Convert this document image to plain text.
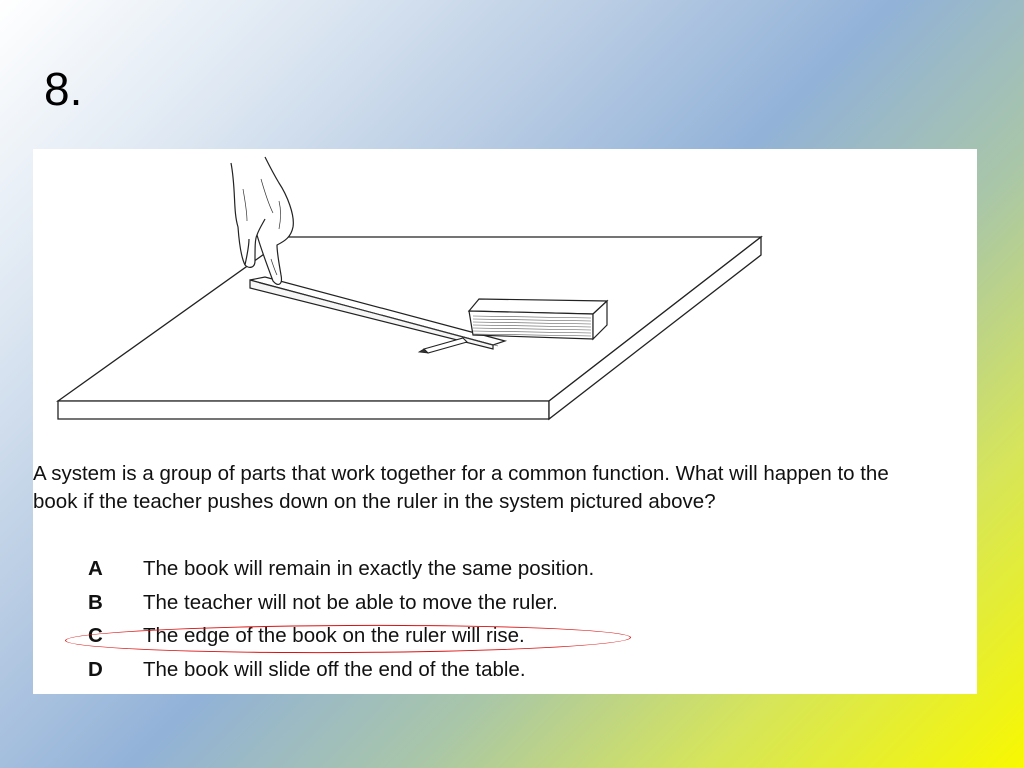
8.
A system is a group of parts that work together for a common function. What will happen to the book if the teacher pushes down on the ruler in the system pictured above?
A	The book will remain in exactly the same position.
B	The teacher will not be able to move the ruler.
C	The edge of the book on the ruler will rise.
D	The book will slide off the end of the table.
